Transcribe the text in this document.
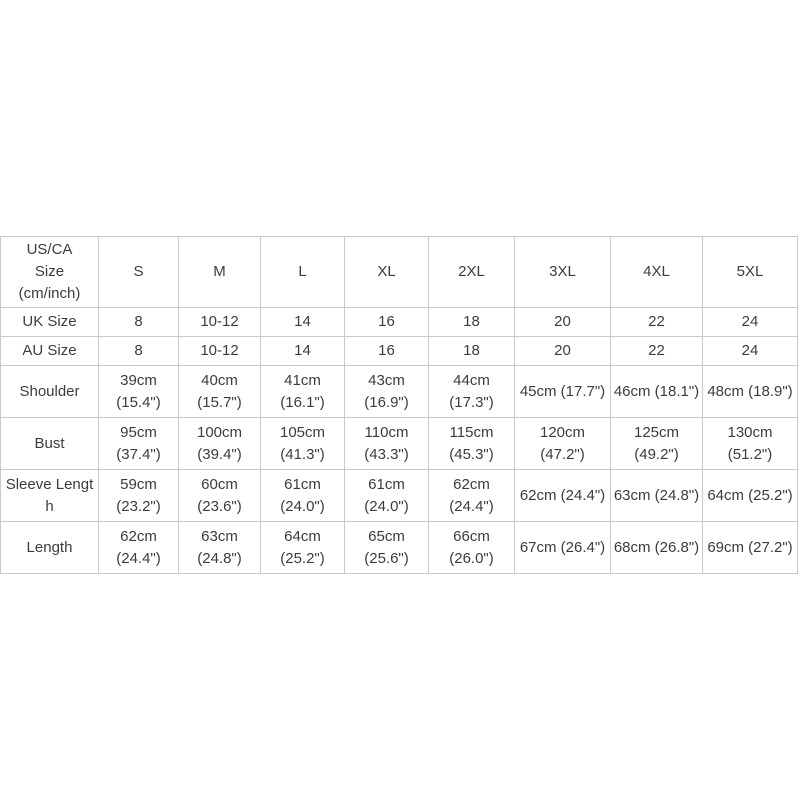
US/CA Size (cm/inch)	S	M	L	XL	2XL	3XL	4XL	5XL
UK Size	8	10-12	14	16	18	20	22	24
AU Size	8	10-12	14	16	18	20	22	24
Shoulder	39cm (15.4")	40cm (15.7")	41cm (16.1")	43cm (16.9")	44cm (17.3")	45cm (17.7")	46cm (18.1")	48cm (18.9")
Bust	95cm (37.4")	100cm (39.4")	105cm (41.3")	110cm (43.3")	115cm (45.3")	120cm (47.2")	125cm (49.2")	130cm (51.2")
Sleeve Length	59cm (23.2")	60cm (23.6")	61cm (24.0")	61cm (24.0")	62cm (24.4")	62cm (24.4")	63cm (24.8")	64cm (25.2")
Length	62cm (24.4")	63cm (24.8")	64cm (25.2")	65cm (25.6")	66cm (26.0")	67cm (26.4")	68cm (26.8")	69cm (27.2")
